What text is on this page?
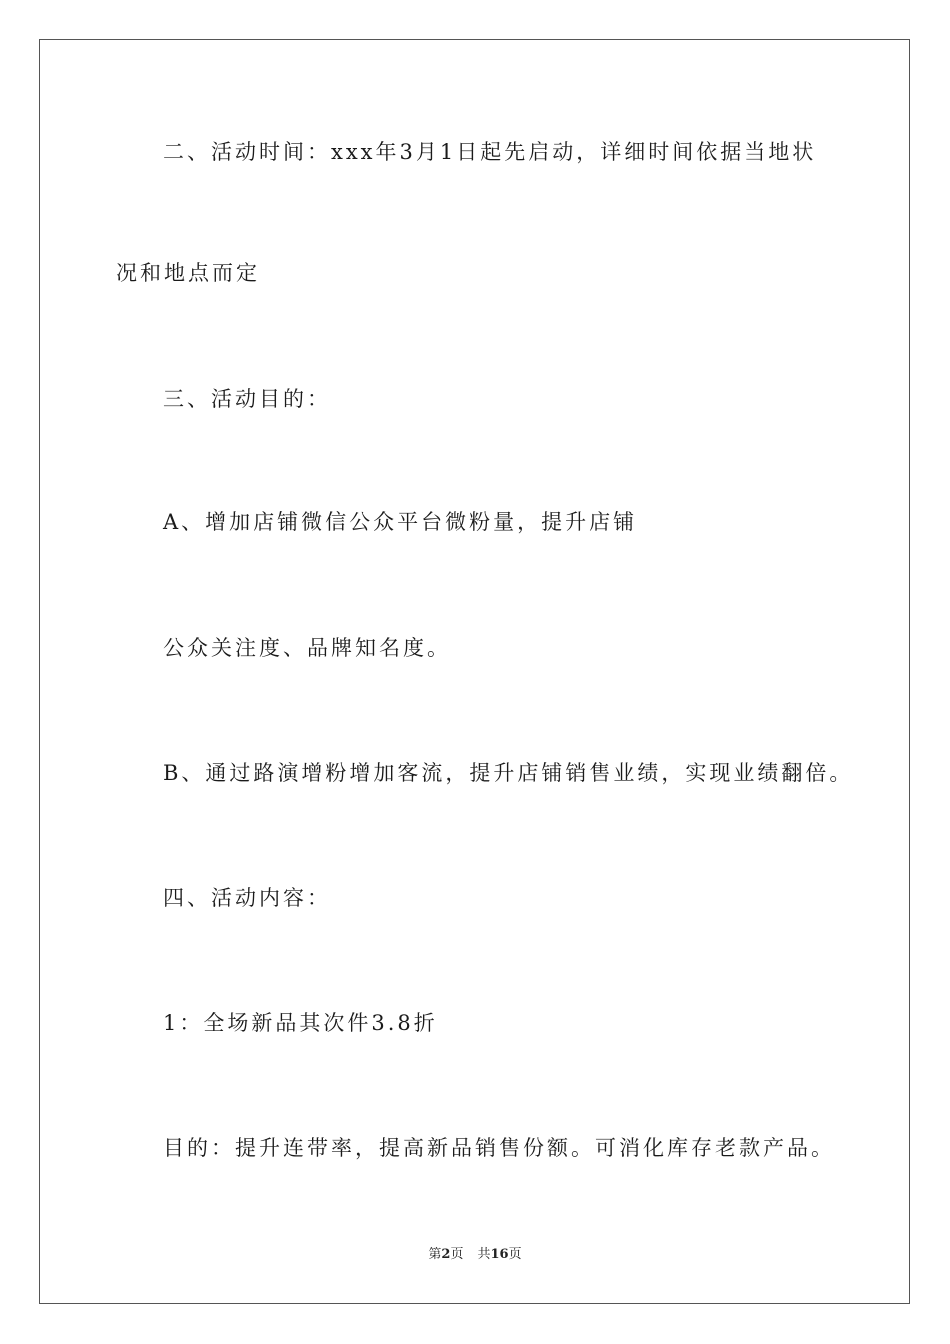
二、活动时间：xxx年3月1日起先启动，详细时间依据当地状
况和地点而定
三、活动目的：
A、增加店铺微信公众平台微粉量，提升店铺
公众关注度、品牌知名度。
B、通过路演增粉增加客流，提升店铺销售业绩，实现业绩翻倍。
四、活动内容：
1：全场新品其次件3.8折
目的：提升连带率，提高新品销售份额。可消化库存老款产品。
第2页 共16页
